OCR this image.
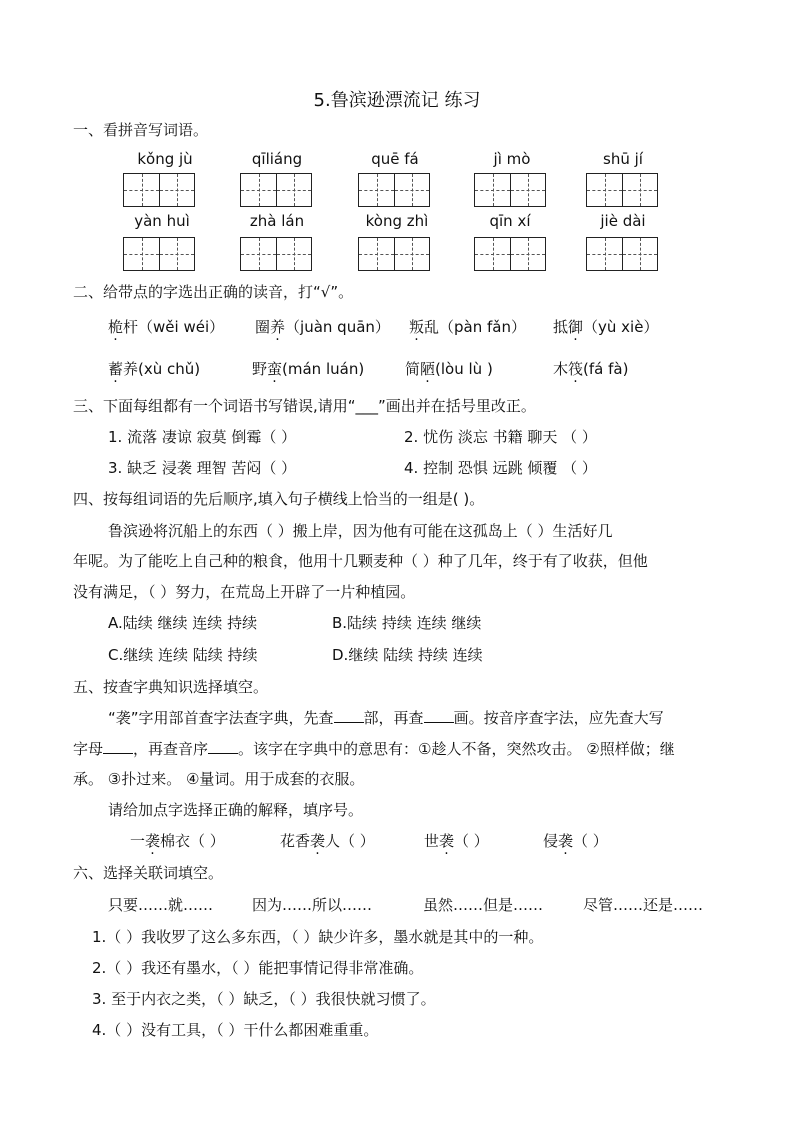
5.鲁滨逊漂流记 练习
一、看拼音写词语。
kǒng jù	qīliáng	quē fá	jì mò	shū jí
yàn huì	zhà lán	kòng zhì	qīn xí	jiè dài
二、给带点的字选出正确的读音，打“√”。
桅杆（wěi wéi） 圈养（juàn quān） 叛乱（pàn fǎn） 抵御（yù xiè）
蓄养(xù chǔ)	野蛮(mán luán)	简陋(lòu lù )	木筏(fá fà)
三、下面每组都有一个词语书写错误,请用“___”画出并在括号里改正。
1. 流落 凄谅 寂莫 倒霉（ ）	2. 忧伤 淡忘 书籍 聊天 （ ）
3. 缺乏 浸袭 理智 苦闷（ ）	4. 控制 恐惧 远跳 倾覆 （ ）
四、按每组词语的先后顺序,填入句子横线上恰当的一组是( )。
鲁滨逊将沉船上的东西（ ）搬上岸，因为他有可能在这孤岛上（ ）生活好几
年呢。为了能吃上自己种的粮食，他用十几颗麦种（ ）种了几年，终于有了收获，但他
没有满足，（ ）努力，在荒岛上开辟了一片种植园。
A.陆续 继续 连续 持续	B.陆续 持续 连续 继续
C.继续 连续 陆续 持续	D.继续 陆续 持续 连续
五、按查字典知识选择填空。
“袭”字用部首查字法查字典，先查 部，再查 画。按音序查字法，应先查大写
字母 ，再查音序 。该字在字典中的意思有：①趁人不备，突然攻击。 ②照样做；继
承。 ③扑过来。 ④量词。用于成套的衣服。
请给加点字选择正确的解释，填序号。
一袭棉衣（ ）	花香袭人（ ）	世袭（ ）	侵袭（ ）
六、选择关联词填空。
只要……就……	因为……所以……	虽然……但是……	尽管……还是……
1.（ ）我收罗了这么多东西，（ ）缺少许多，墨水就是其中的一种。
2.（ ）我还有墨水，（ ）能把事情记得非常准确。
3. 至于内衣之类，（ ）缺乏，（ ）我很快就习惯了。
4.（ ）没有工具，（ ）干什么都困难重重。
